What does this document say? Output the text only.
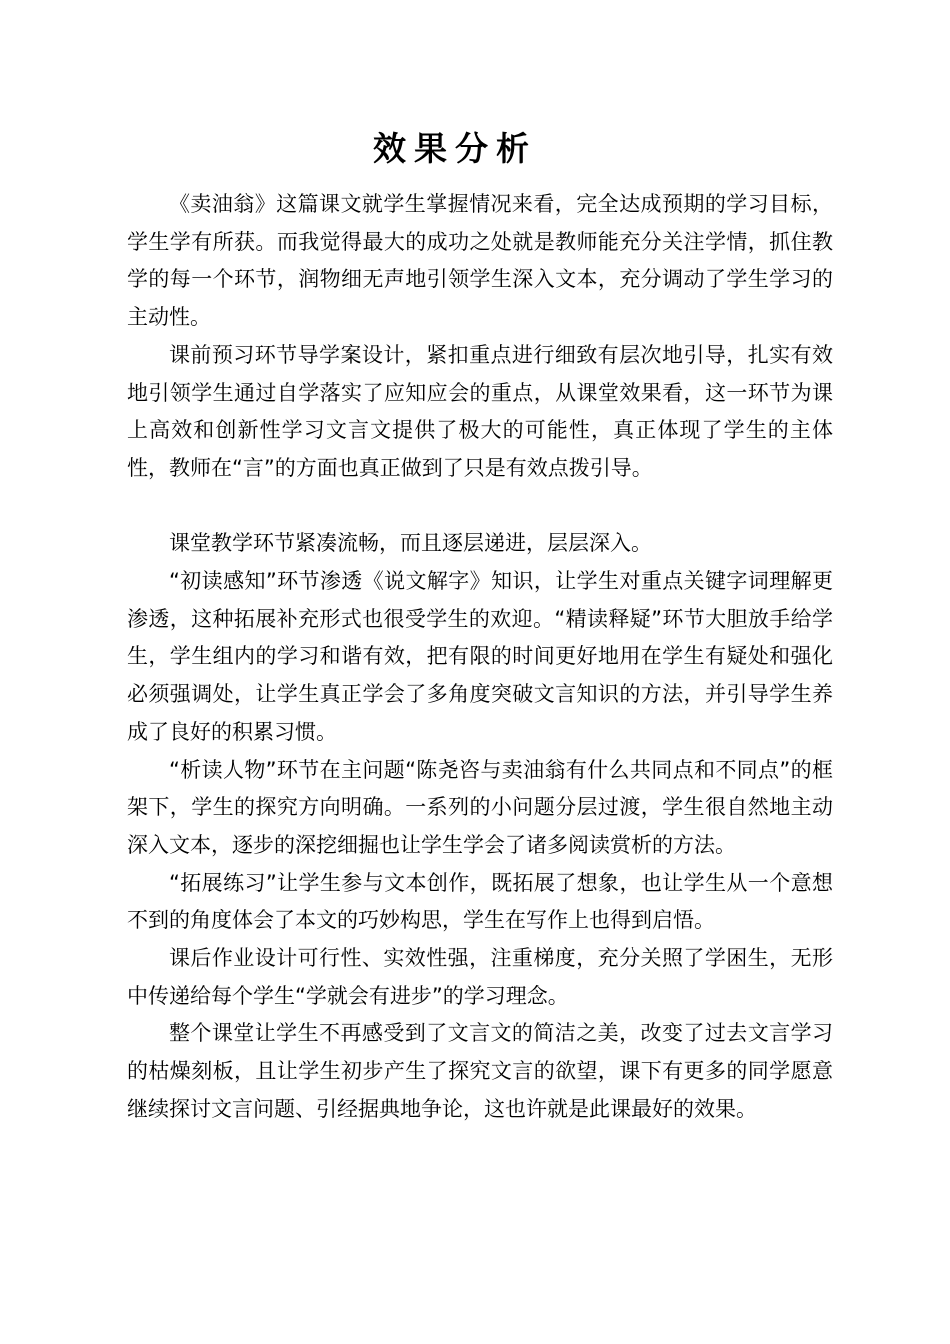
效果分析

《卖油翁》这篇课文就学生掌握情况来看，完全达成预期的学习目标，学生学有所获。而我觉得最大的成功之处就是教师能充分关注学情，抓住教学的每一个环节，润物细无声地引领学生深入文本，充分调动了学生学习的主动性。

课前预习环节导学案设计，紧扣重点进行细致有层次地引导，扎实有效地引领学生通过自学落实了应知应会的重点，从课堂效果看，这一环节为课上高效和创新性学习文言文提供了极大的可能性，真正体现了学生的主体性，教师在“言”的方面也真正做到了只是有效点拨引导。

课堂教学环节紧凑流畅，而且逐层递进，层层深入。

“初读感知”环节渗透《说文解字》知识，让学生对重点关键字词理解更渗透，这种拓展补充形式也很受学生的欢迎。“精读释疑”环节大胆放手给学生，学生组内的学习和谐有效，把有限的时间更好地用在学生有疑处和强化必须强调处，让学生真正学会了多角度突破文言知识的方法，并引导学生养成了良好的积累习惯。

“析读人物”环节在主问题“陈尧咨与卖油翁有什么共同点和不同点”的框架下，学生的探究方向明确。一系列的小问题分层过渡，学生很自然地主动深入文本，逐步的深挖细掘也让学生学会了诸多阅读赏析的方法。

“拓展练习”让学生参与文本创作，既拓展了想象，也让学生从一个意想不到的角度体会了本文的巧妙构思，学生在写作上也得到启悟。

课后作业设计可行性、实效性强，注重梯度，充分关照了学困生，无形中传递给每个学生“学就会有进步”的学习理念。

整个课堂让学生不再感受到了文言文的简洁之美，改变了过去文言学习的枯燥刻板，且让学生初步产生了探究文言的欲望，课下有更多的同学愿意继续探讨文言问题、引经据典地争论，这也许就是此课最好的效果。
